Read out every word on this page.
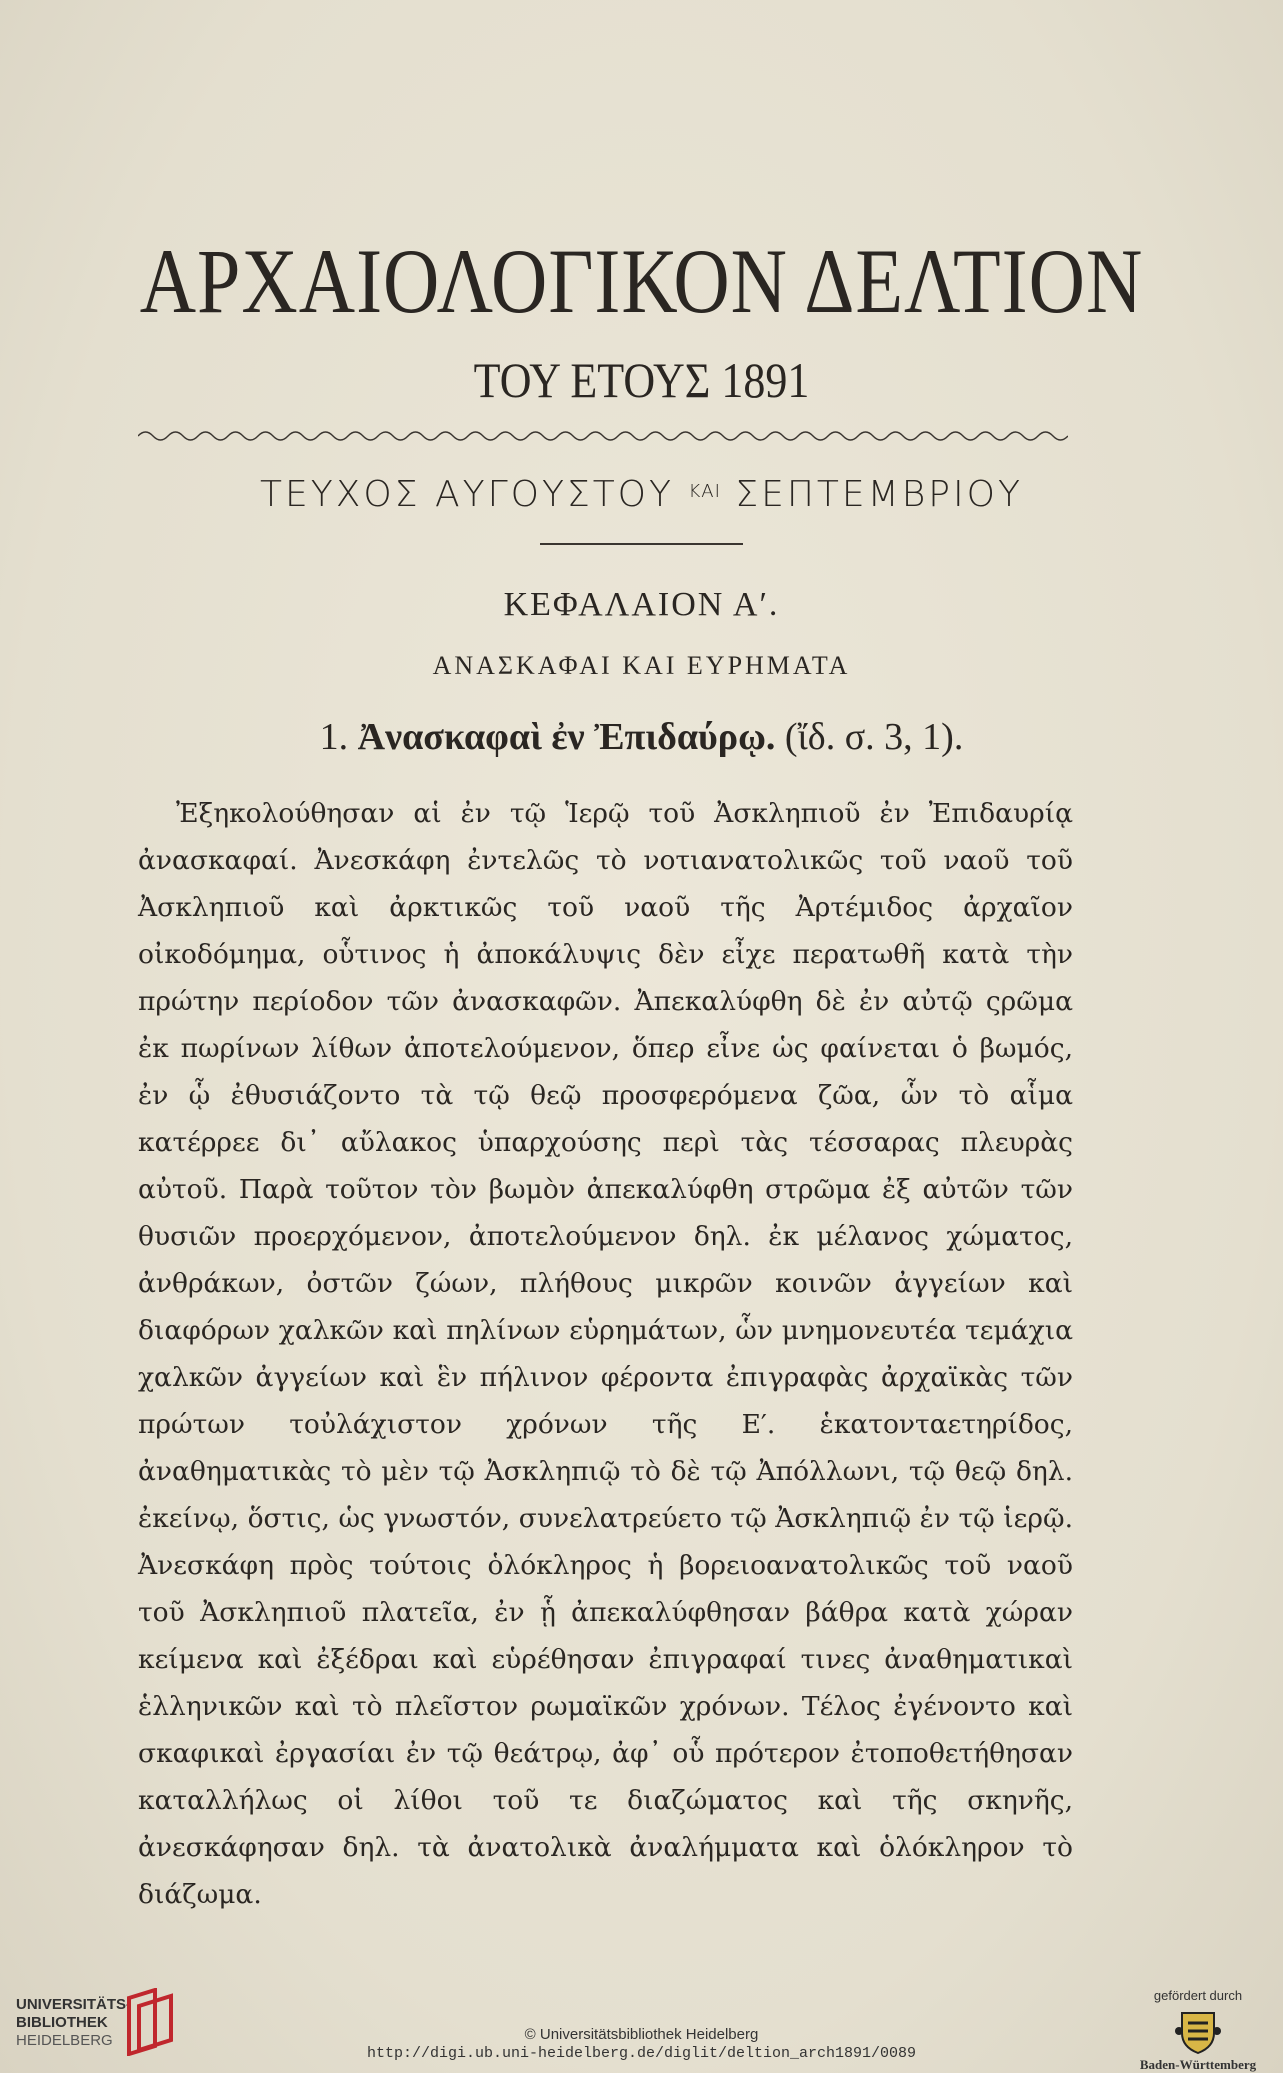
ΑΡΧΑΙΟΛΟΓΙΚΟΝ ΔΕΛΤΙΟΝ
ΤΟΥ ΕΤΟΥΣ 1891
ΤΕΥΧΟΣ ΑΥΓΟΥΣΤΟΥ $^{KAI}$ ΣΕΠΤΕΜΒΡΙΟΥ
ΚΕΦΑΛΑΙΟΝ Α′.
ΑΝΑΣΚΑΦΑΙ ΚΑΙ ΕΥΡΗΜΑΤΑ
1. Ἀνασκαφαὶ ἐν Ἐπιδαύρῳ. (ἴδ. σ. 3, 1).
Ἐξηκολούθησαν αἱ ἐν τῷ Ἱερῷ τοῦ Ἀσκληπιοῦ ἐν Ἐπιδαυρίᾳ ἀνασκαφαί. Ἀνεσκάφη ἐντελῶς τὸ νοτιανατολικῶς τοῦ ναοῦ τοῦ Ἀσκληπιοῦ καὶ ἀρκτικῶς τοῦ ναοῦ τῆς Ἀρτέμιδος ἀρχαῖον οἰκοδόμημα, οὗτινος ἡ ἀποκάλυψις δὲν εἶχε περατωθῆ κατὰ τὴν πρώτην περίοδον τῶν ἀνασκαφῶν. Ἀπεκαλύφθη δὲ ἐν αὐτῷ ςρῶμα ἐκ πωρίνων λίθων ἀποτελούμενον, ὅπερ εἶνε ὡς φαίνεται ὁ βωμός, ἐν ᾧ ἐθυσιάζοντο τὰ τῷ θεῷ προσφερόμενα ζῶα, ὧν τὸ αἷμα κατέρρεε δι᾽ αὔλακος ὑπαρχούσης περὶ τὰς τέσσαρας πλευρὰς αὐτοῦ. Παρὰ τοῦτον τὸν βωμὸν ἀπεκαλύφθη στρῶμα ἐξ αὐτῶν τῶν θυσιῶν προερχόμενον, ἀποτελούμενον δηλ. ἐκ μέλανος χώματος, ἀνθράκων, ὀστῶν ζώων, πλήθους μικρῶν κοινῶν ἀγγείων καὶ διαφόρων χαλκῶν καὶ πηλίνων εὑρημάτων, ὧν μνημονευτέα τεμάχια χαλκῶν ἀγγείων καὶ ἓν πήλινον φέροντα ἐπιγραφὰς ἀρχαϊκὰς τῶν πρώτων τοὐλάχιστον χρόνων τῆς Ε′. ἑκατονταετηρίδος, ἀναθηματικὰς τὸ μὲν τῷ Ἀσκληπιῷ τὸ δὲ τῷ Ἀπόλλωνι, τῷ θεῷ δηλ. ἐκείνῳ, ὅστις, ὡς γνωστόν, συνελατρεύετο τῷ Ἀσκληπιῷ ἐν τῷ ἱερῷ. Ἀνεσκάφη πρὸς τούτοις ὁλόκληρος ἡ βορειοανατολικῶς τοῦ ναοῦ τοῦ Ἀσκληπιοῦ πλατεῖα, ἐν ᾗ ἀπεκαλύφθησαν βάθρα κατὰ χώραν κείμενα καὶ ἐξέδραι καὶ εὑρέθησαν ἐπιγραφαί τινες ἀναθηματικαὶ ἑλληνικῶν καὶ τὸ πλεῖστον ρωμαϊκῶν χρόνων. Τέλος ἐγένοντο καὶ σκαφικαὶ ἐργασίαι ἐν τῷ θεάτρῳ, ἀφ᾽ οὗ πρότερον ἐτοποθετήθησαν καταλλήλως οἱ λίθοι τοῦ τε διαζώματος καὶ τῆς σκηνῆς, ἀνεσκάφησαν δηλ. τὰ ἀνατολικὰ ἀναλήμματα καὶ ὁλόκληρον τὸ διάζωμα.
UNIVERSITÄTS-
BIBLIOTHEK
HEIDELBERG	© Universitätsbibliothek Heidelberg
http://digi.ub.uni-heidelberg.de/diglit/deltion_arch1891/0089
gefördert durch
Baden-Württemberg
